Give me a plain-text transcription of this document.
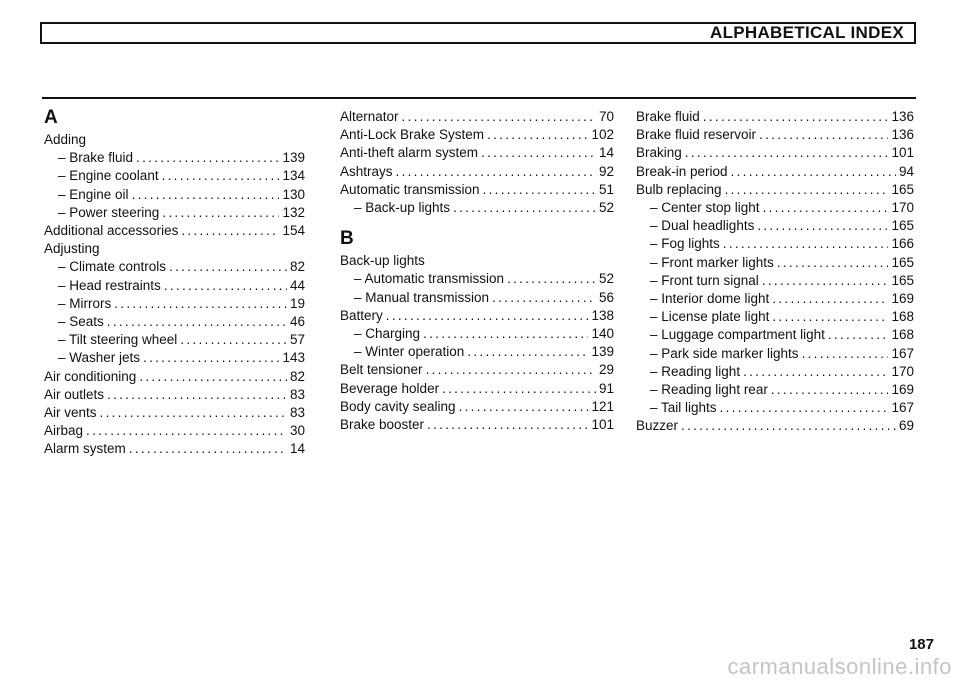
ALPHABETICAL INDEX
A
Adding
– Brake fluid .....	139
– Engine coolant .....	134
– Engine oil .....	130
– Power steering .....	132
Additional accessories .....	154
Adjusting
– Climate controls .....	82
– Head restraints .....	44
– Mirrors .....	19
– Seats .....	46
– Tilt steering wheel .....	57
– Washer jets .....	143
Air conditioning .....	82
Air outlets .....	83
Air vents .....	83
Airbag .....	30
Alarm system .....	14
Alternator .....	70
Anti-Lock Brake System .....	102
Anti-theft alarm system .....	14
Ashtrays .....	92
Automatic transmission .....	51
– Back-up lights .....	52
B
Back-up lights
– Automatic transmission .....	52
– Manual transmission .....	56
Battery .....	138
– Charging .....	140
– Winter operation .....	139
Belt tensioner .....	29
Beverage holder .....	91
Body cavity sealing .....	121
Brake booster .....	101
Brake fluid .....	136
Brake fluid reservoir .....	136
Braking .....	101
Break-in period .....	94
Bulb replacing .....	165
– Center stop light .....	170
– Dual headlights .....	165
– Fog lights .....	166
– Front marker lights .....	165
– Front turn signal .....	165
– Interior dome light .....	169
– License plate light .....	168
– Luggage compartment light .....	168
– Park side marker lights .....	167
– Reading light .....	170
– Reading light rear .....	169
– Tail lights .....	167
Buzzer .....	69
187
carmanualsonline.info
